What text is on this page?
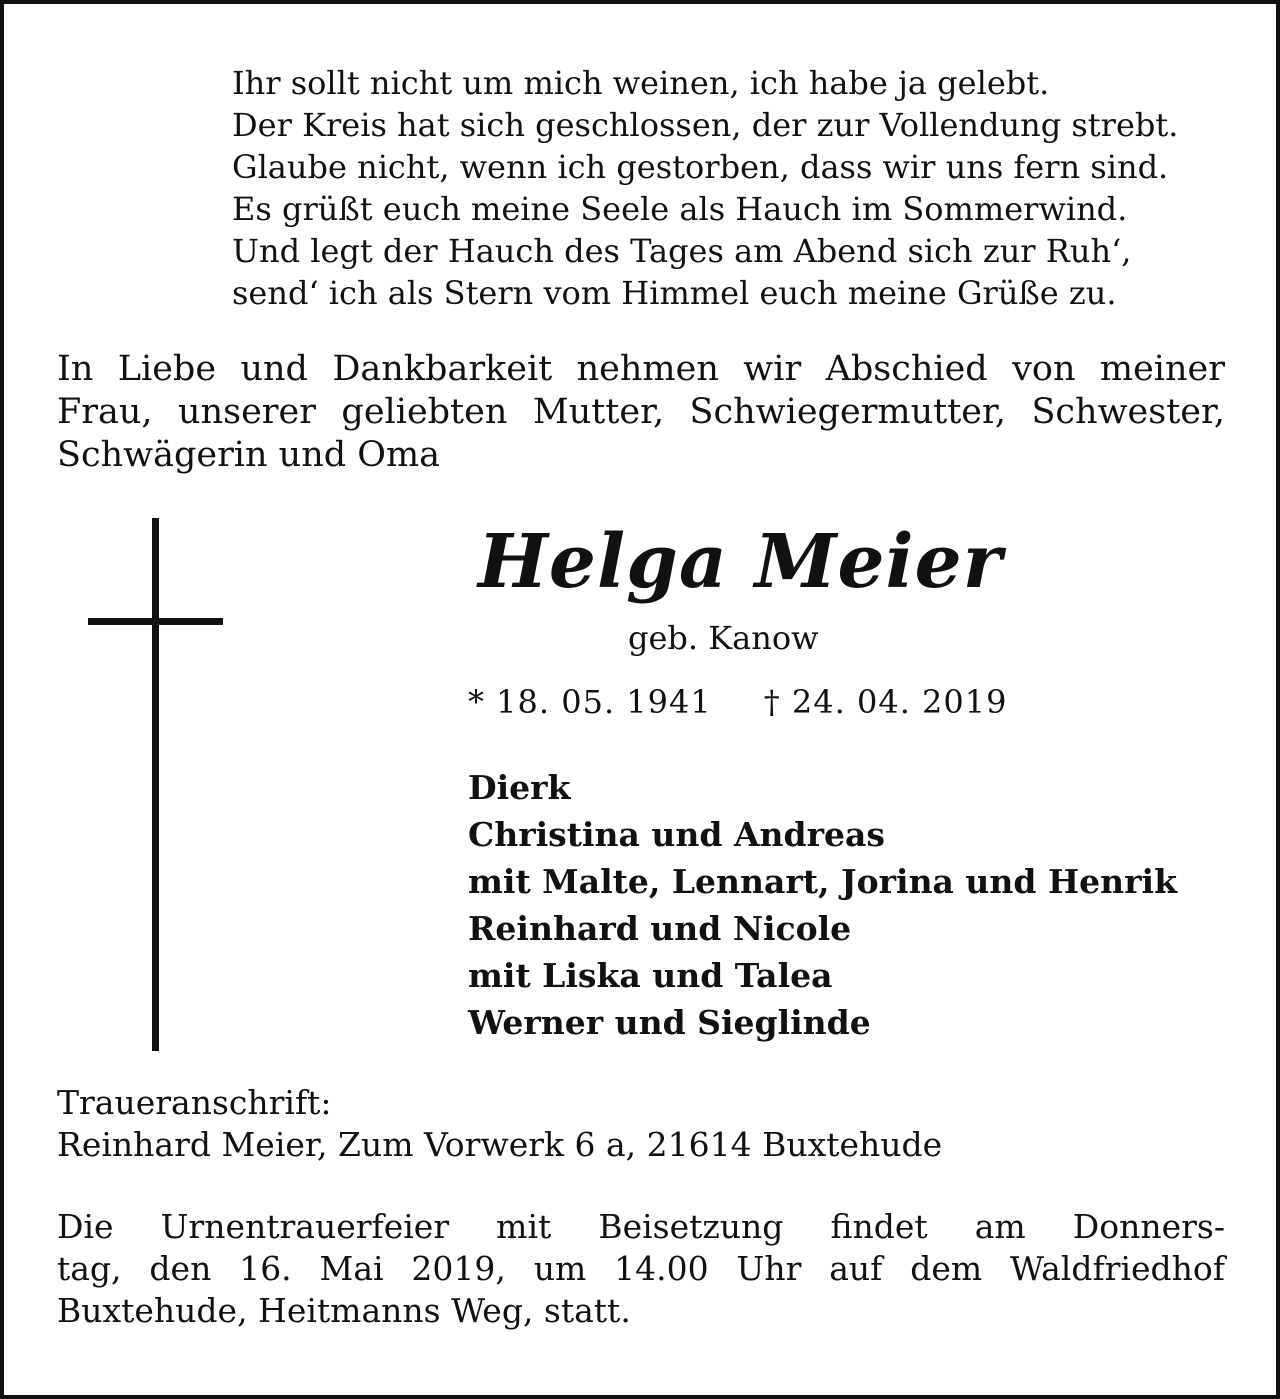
Ihr sollt nicht um mich weinen, ich habe ja gelebt.
Der Kreis hat sich geschlossen, der zur Vollendung strebt.
Glaube nicht, wenn ich gestorben, dass wir uns fern sind.
Es grüßt euch meine Seele als Hauch im Sommerwind.
Und legt der Hauch des Tages am Abend sich zur Ruh‘,
send‘ ich als Stern vom Himmel euch meine Grüße zu.
In Liebe und Dankbarkeit nehmen wir Abschied von meiner Frau, unserer geliebten Mutter, Schwiegermutter, Schwester, Schwägerin und Oma
Helga Meier
geb. Kanow
* 18. 05. 1941 † 24. 04. 2019
Dierk
Christina und Andreas
mit Malte, Lennart, Jorina und Henrik
Reinhard und Nicole
mit Liska und Talea
Werner und Sieglinde
Traueranschrift:
Reinhard Meier, Zum Vorwerk 6 a, 21614 Buxtehude
Die Urnentrauerfeier mit Beisetzung findet am Donners-
tag, den 16. Mai 2019, um 14.00 Uhr auf dem Waldfriedhof
Buxtehude, Heitmanns Weg, statt.
